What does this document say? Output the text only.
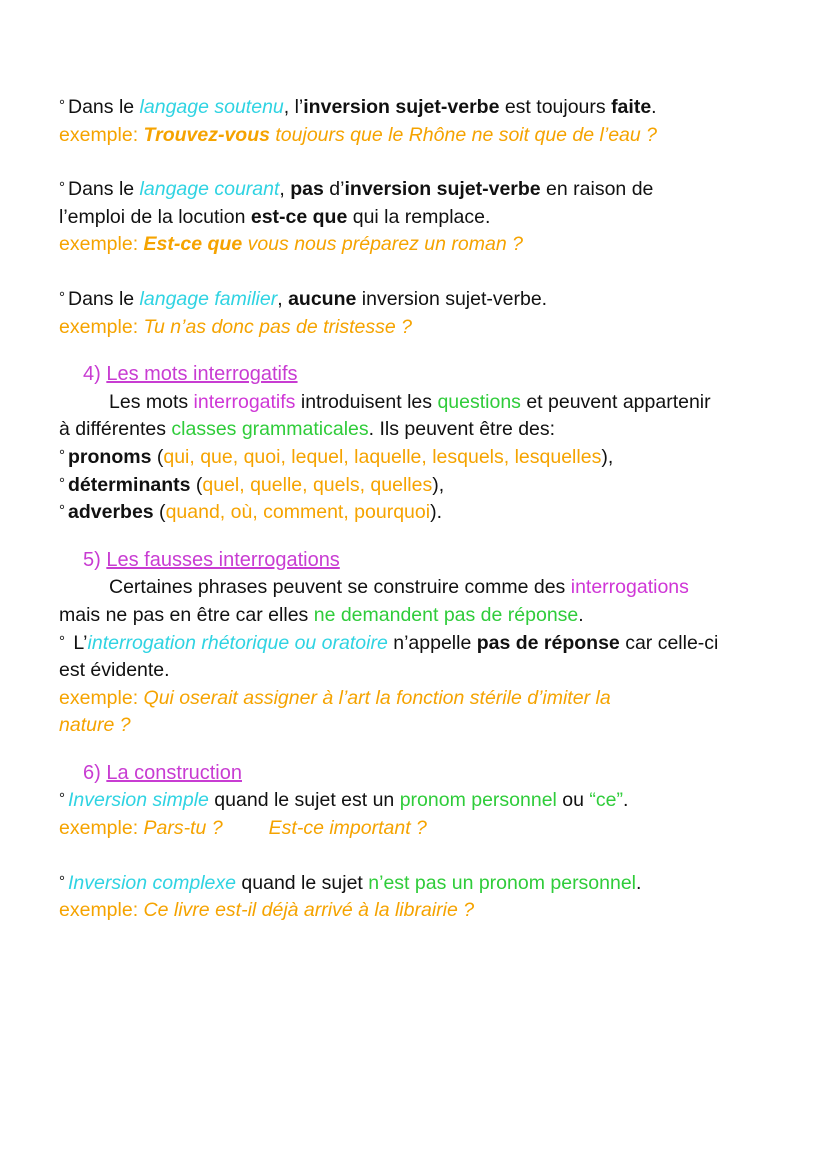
° Dans le langage soutenu, l’inversion sujet-verbe est toujours faite.
exemple: Trouvez-vous toujours que le Rhône ne soit que de l’eau ?
° Dans le langage courant, pas d’inversion sujet-verbe en raison de
l’emploi de la locution est-ce que qui la remplace.
exemple: Est-ce que vous nous préparez un roman ?
° Dans le langage familier, aucune inversion sujet-verbe.
exemple: Tu n’as donc pas de tristesse ?
4) Les mots interrogatifs
Les mots interrogatifs introduisent les questions et peuvent appartenir
à différentes classes grammaticales. Ils peuvent être des:
° pronoms (qui, que, quoi, lequel, laquelle, lesquels, lesquelles),
° déterminants (quel, quelle, quels, quelles),
° adverbes (quand, où, comment, pourquoi).
5) Les fausses interrogations
Certaines phrases peuvent se construire comme des interrogations
mais ne pas en être car elles ne demandent pas de réponse.
° L’interrogation rhétorique ou oratoire n’appelle pas de réponse car celle-ci
est évidente.
exemple: Qui oserait assigner à l’art la fonction stérile d’imiter la
nature ?
6) La construction
° Inversion simple quand le sujet est un pronom personnel ou “ce”.
exemple: Pars-tu ? Est-ce important ?
° Inversion complexe quand le sujet n’est pas un pronom personnel.
exemple: Ce livre est-il déjà arrivé à la librairie ?
